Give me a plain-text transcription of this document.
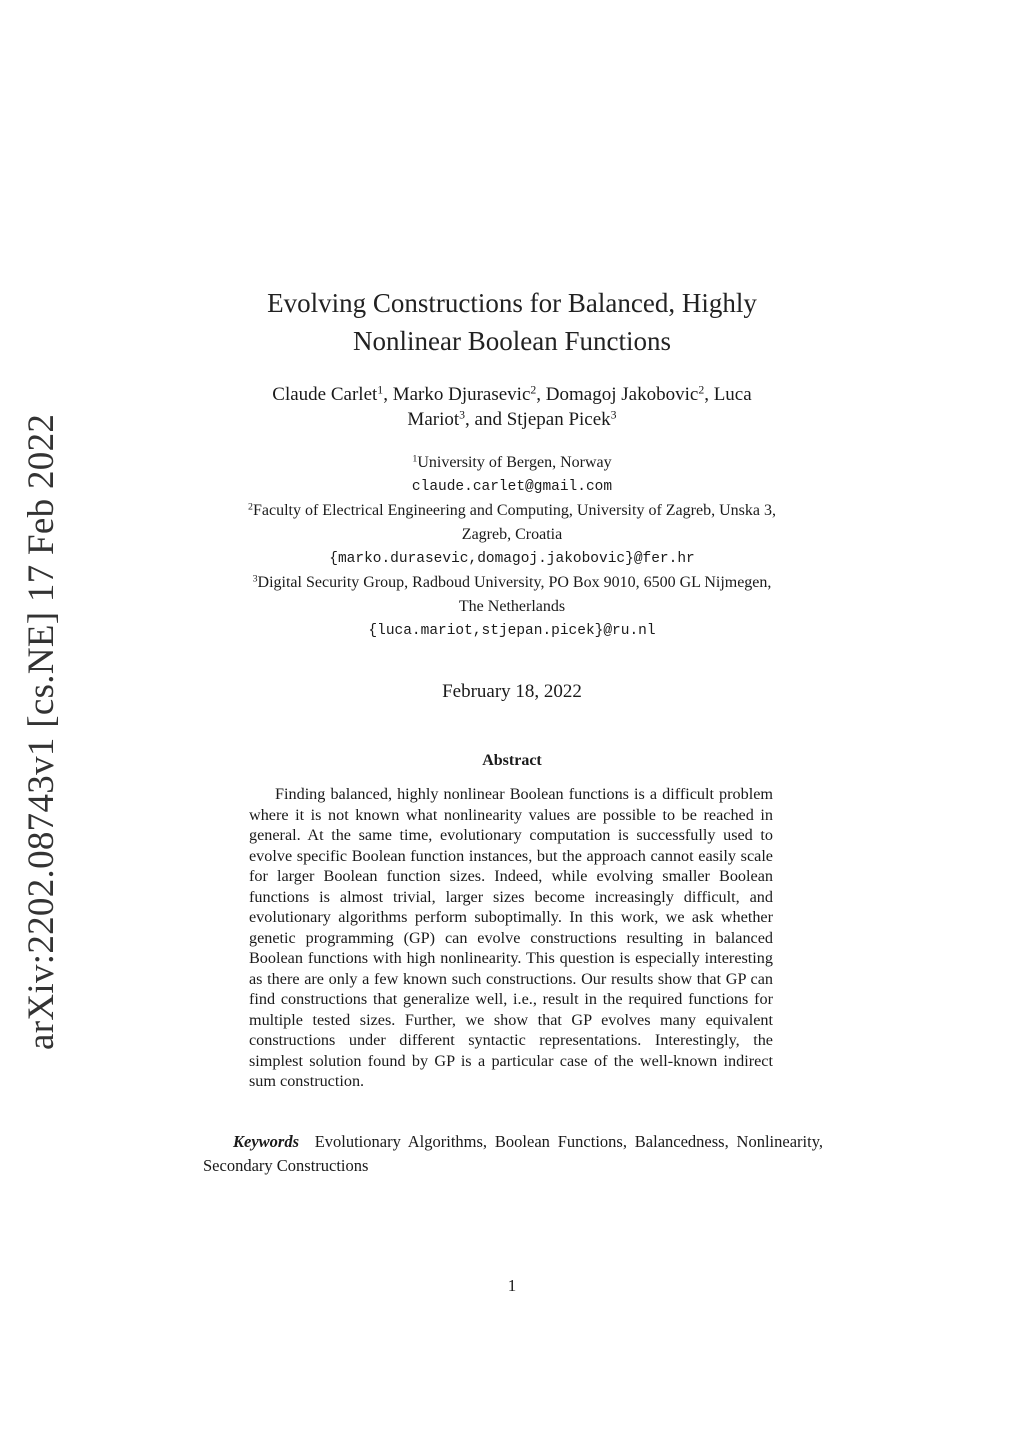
arXiv:2202.08743v1 [cs.NE] 17 Feb 2022
Evolving Constructions for Balanced, Highly
Nonlinear Boolean Functions
Claude Carlet$^1$, Marko Djurasevic$^2$, Domagoj Jakobovic$^2$, Luca
Mariot$^3$, and Stjepan Picek$^3$
$^1$University of Bergen, Norway
claude.carlet@gmail.com
$^2$Faculty of Electrical Engineering and Computing, University of Zagreb, Unska 3,
Zagreb, Croatia
{marko.durasevic,domagoj.jakobovic}@fer.hr
$^3$Digital Security Group, Radboud University, PO Box 9010, 6500 GL Nijmegen,
The Netherlands
{luca.mariot,stjepan.picek}@ru.nl
February 18, 2022
Abstract
Finding balanced, highly nonlinear Boolean functions is a difficult problem where it is not known what nonlinearity values are possible to be reached in general. At the same time, evolutionary computation is successfully used to evolve specific Boolean function instances, but the approach cannot easily scale for larger Boolean function sizes. Indeed, while evolving smaller Boolean functions is almost trivial, larger sizes become increasingly difficult, and evolutionary algorithms perform suboptimally. In this work, we ask whether genetic programming (GP) can evolve constructions resulting in balanced Boolean functions with high nonlinearity. This question is especially interesting as there are only a few known such constructions. Our results show that GP can find constructions that generalize well, i.e., result in the required functions for multiple tested sizes. Further, we show that GP evolves many equivalent constructions under different syntactic representations. Interestingly, the simplest solution found by GP is a particular case of the well-known indirect sum construction.
Keywords Evolutionary Algorithms, Boolean Functions, Balancedness, Nonlinearity, Secondary Constructions
1
